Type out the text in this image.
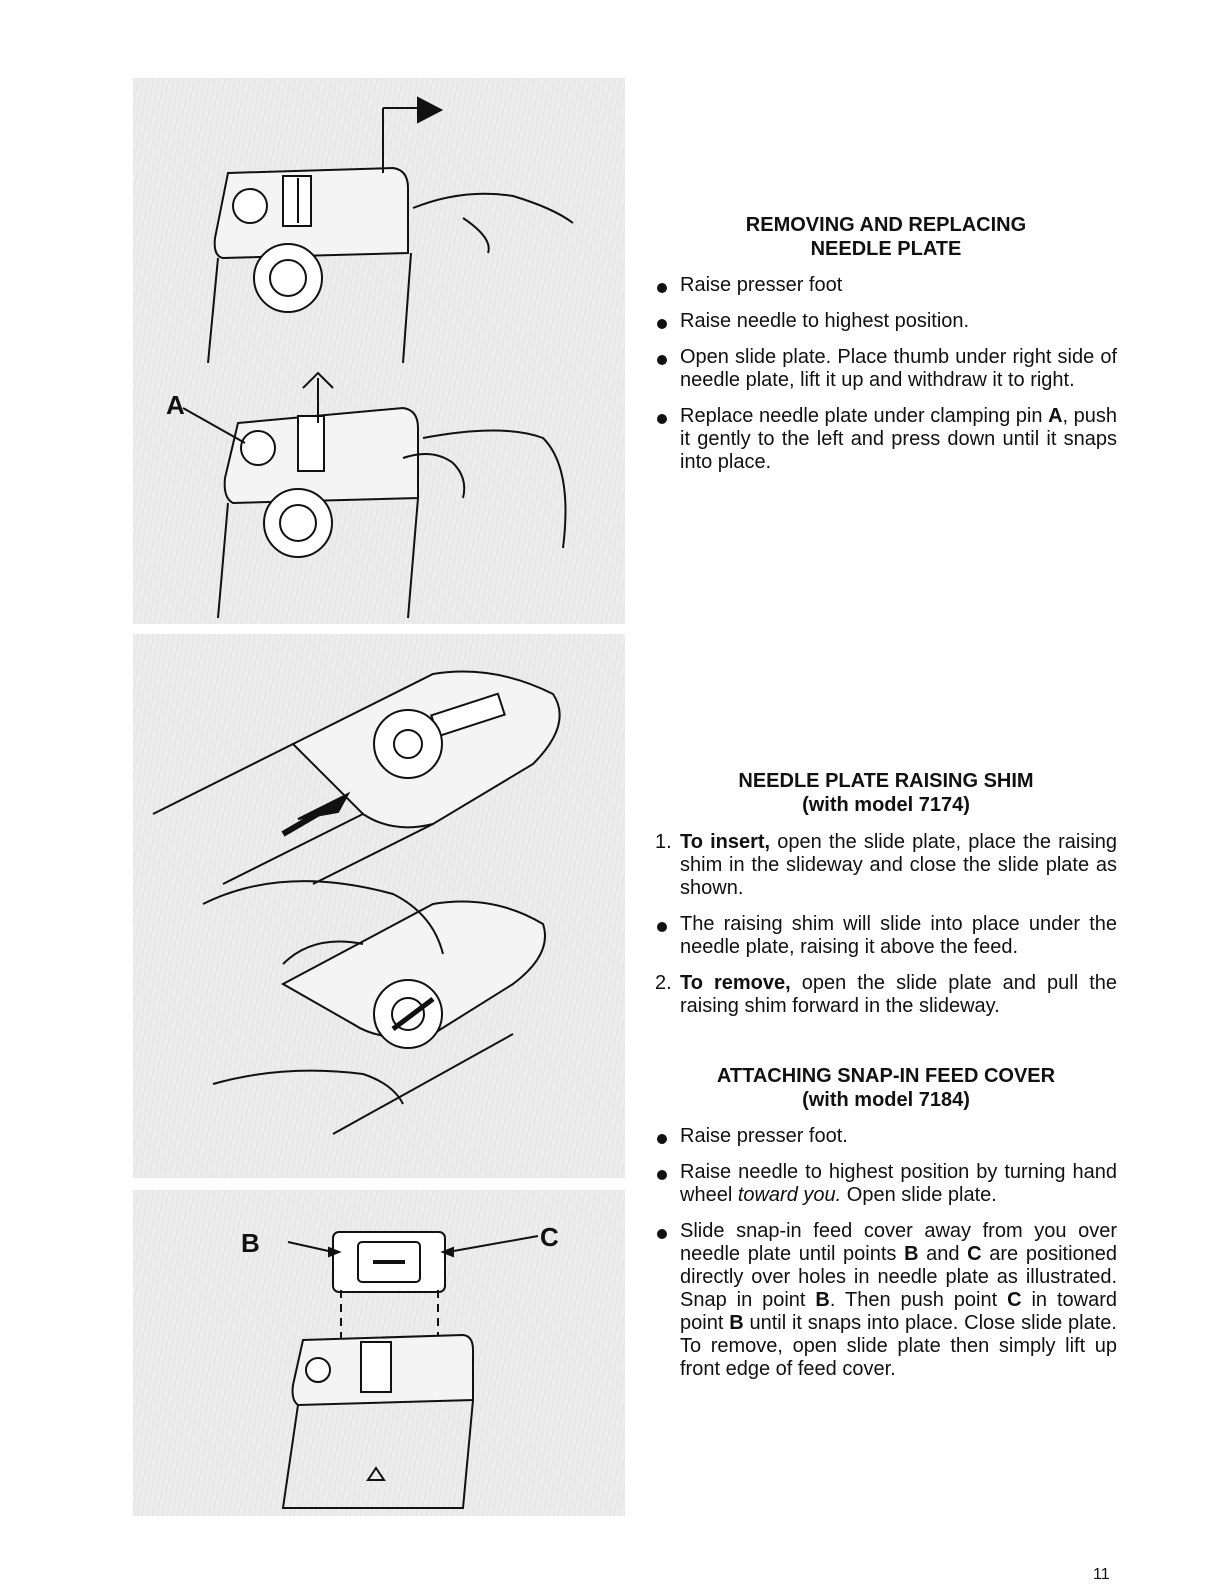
A
B	C
REMOVING AND REPLACING
NEEDLE PLATE
Raise presser foot
Raise needle to highest position.
Open slide plate. Place thumb under right side of needle plate, lift it up and withdraw it to right.
Replace needle plate under clamping pin A, push it gently to the left and press down until it snaps into place.
NEEDLE PLATE RAISING SHIM
(with model 7174)
1. To insert, open the slide plate, place the raising shim in the slideway and close the slide plate as shown.
The raising shim will slide into place under the needle plate, raising it above the feed.
2. To remove, open the slide plate and pull the raising shim forward in the slideway.
ATTACHING SNAP-IN FEED COVER
(with model 7184)
Raise presser foot.
Raise needle to highest position by turning hand wheel toward you. Open slide plate.
Slide snap-in feed cover away from you over needle plate until points B and C are positioned directly over holes in needle plate as illustrated. Snap in point B. Then push point C in toward point B until it snaps into place. Close slide plate. To remove, open slide plate then simply lift up front edge of feed cover.
11
